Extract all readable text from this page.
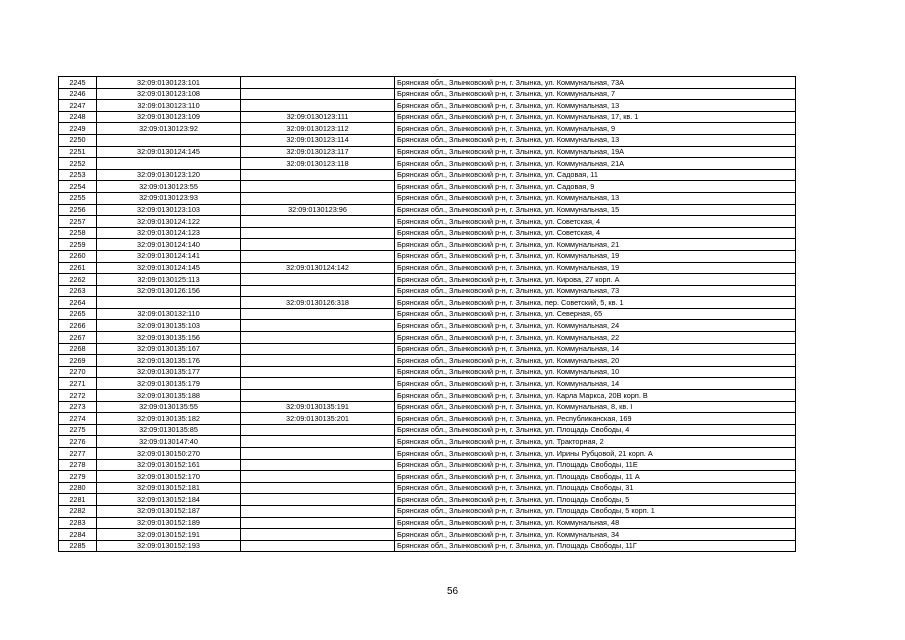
2245	32:09:0130123:101		Брянская обл., Злынковский р-н, г. Злынка, ул. Коммунальная, 73А
2246	32:09:0130123:108		Брянская обл., Злынковский р-н, г. Злынка, ул. Коммунальная, 7
2247	32:09:0130123:110		Брянская обл., Злынковский р-н, г. Злынка, ул. Коммунальная, 13
2248	32:09:0130123:109	32:09:0130123:111	Брянская обл., Злынковский р-н, г. Злынка, ул. Коммунальная, 17, кв. 1
2249	32:09:0130123:92	32:09:0130123:112	Брянская обл., Злынковский р-н, г. Злынка, ул. Коммунальная, 9
2250		32:09:0130123:114	Брянская обл., Злынковский р-н, г. Злынка, ул. Коммунальная, 13
2251	32:09:0130124:145	32:09:0130123:117	Брянская обл., Злынковский р-н, г. Злынка, ул. Коммунальная, 19А
2252		32:09:0130123:118	Брянская обл., Злынковский р-н, г. Злынка, ул. Коммунальная, 21А
2253	32:09:0130123:120		Брянская обл., Злынковский р-н, г. Злынка, ул. Садовая, 11
2254	32:09:0130123:55		Брянская обл., Злынковский р-н, г. Злынка, ул. Садовая, 9
2255	32:09:0130123:93		Брянская обл., Злынковский р-н, г. Злынка, ул. Коммунальная, 13
2256	32:09:0130123:103	32:09:0130123:96	Брянская обл., Злынковский р-н, г. Злынка, ул. Коммунальная, 15
2257	32:09:0130124:122		Брянская обл., Злынковский р-н, г. Злынка, ул. Советская, 4
2258	32:09:0130124:123		Брянская обл., Злынковский р-н, г. Злынка, ул. Советская, 4
2259	32:09:0130124:140		Брянская обл., Злынковский р-н, г. Злынка, ул. Коммунальная, 21
2260	32:09:0130124:141		Брянская обл., Злынковский р-н, г. Злынка, ул. Коммунальная, 19
2261	32:09:0130124:145	32:09:0130124:142	Брянская обл., Злынковский р-н, г. Злынка, ул. Коммунальная, 19
2262	32:09:0130125:113		Брянская обл., Злынковский р-н, г. Злынка, ул. Кирова, 27 корп. А
2263	32:09:0130126:156		Брянская обл., Злынковский р-н, г. Злынка, ул. Коммунальная, 73
2264		32:09:0130126:318	Брянская обл., Злынковский р-н, г. Злынка, пер. Советский, 5, кв. 1
2265	32:09:0130132:110		Брянская обл., Злынковский р-н, г. Злынка, ул. Северная, 65
2266	32:09:0130135:103		Брянская обл., Злынковский р-н, г. Злынка, ул. Коммунальная, 24
2267	32:09:0130135:156		Брянская обл., Злынковский р-н, г. Злынка, ул. Коммунальная, 22
2268	32:09:0130135:167		Брянская обл., Злынковский р-н, г. Злынка, ул. Коммунальная, 14
2269	32:09:0130135:176		Брянская обл., Злынковский р-н, г. Злынка, ул. Коммунальная, 20
2270	32:09:0130135:177		Брянская обл., Злынковский р-н, г. Злынка, ул. Коммунальная, 10
2271	32:09:0130135:179		Брянская обл., Злынковский р-н, г. Злынка, ул. Коммунальная, 14
2272	32:09:0130135:188		Брянская обл., Злынковский р-н, г. Злынка, ул. Карла Маркса, 20В корп. В
2273	32:09:0130135:55	32:09:0130135:191	Брянская обл., Злынковский р-н, г. Злынка, ул. Коммунальная, 8, кв. I
2274	32:09:0130135:182	32:09:0130135:201	Брянская обл., Злынковский р-н, г. Злынка, ул. Республиканская, 169
2275	32:09:0130135:85		Брянская обл., Злынковский р-н, г. Злынка, ул. Площадь Свободы, 4
2276	32:09:0130147:40		Брянская обл., Злынковский р-н, г. Злынка, ул. Тракторная, 2
2277	32:09:0130150:270		Брянская обл., Злынковский р-н, г. Злынка, ул. Ирины Рубцовой, 21 корп. А
2278	32:09:0130152:161		Брянская обл., Злынковский р-н, г. Злынка, ул. Площадь Свободы, 11Е
2279	32:09:0130152:170		Брянская обл., Злынковский р-н, г. Злынка, ул. Площадь Свободы, 11 А
2280	32:09:0130152:181		Брянская обл., Злынковский р-н, г. Злынка, ул. Площадь Свободы, 31
2281	32:09:0130152:184		Брянская обл., Злынковский р-н, г. Злынка, ул. Площадь Свободы, 5
2282	32:09:0130152:187		Брянская обл., Злынковский р-н, г. Злынка, ул. Площадь Свободы, 5 корп. 1
2283	32:09:0130152:189		Брянская обл., Злынковский р-н, г. Злынка, ул. Коммунальная, 48
2284	32:09:0130152:191		Брянская обл., Злынковский р-н, г. Злынка, ул. Коммунальная, 34
2285	32:09:0130152:193		Брянская обл., Злынковский р-н, г. Злынка, ул. Площадь Свободы, 11Г
56
